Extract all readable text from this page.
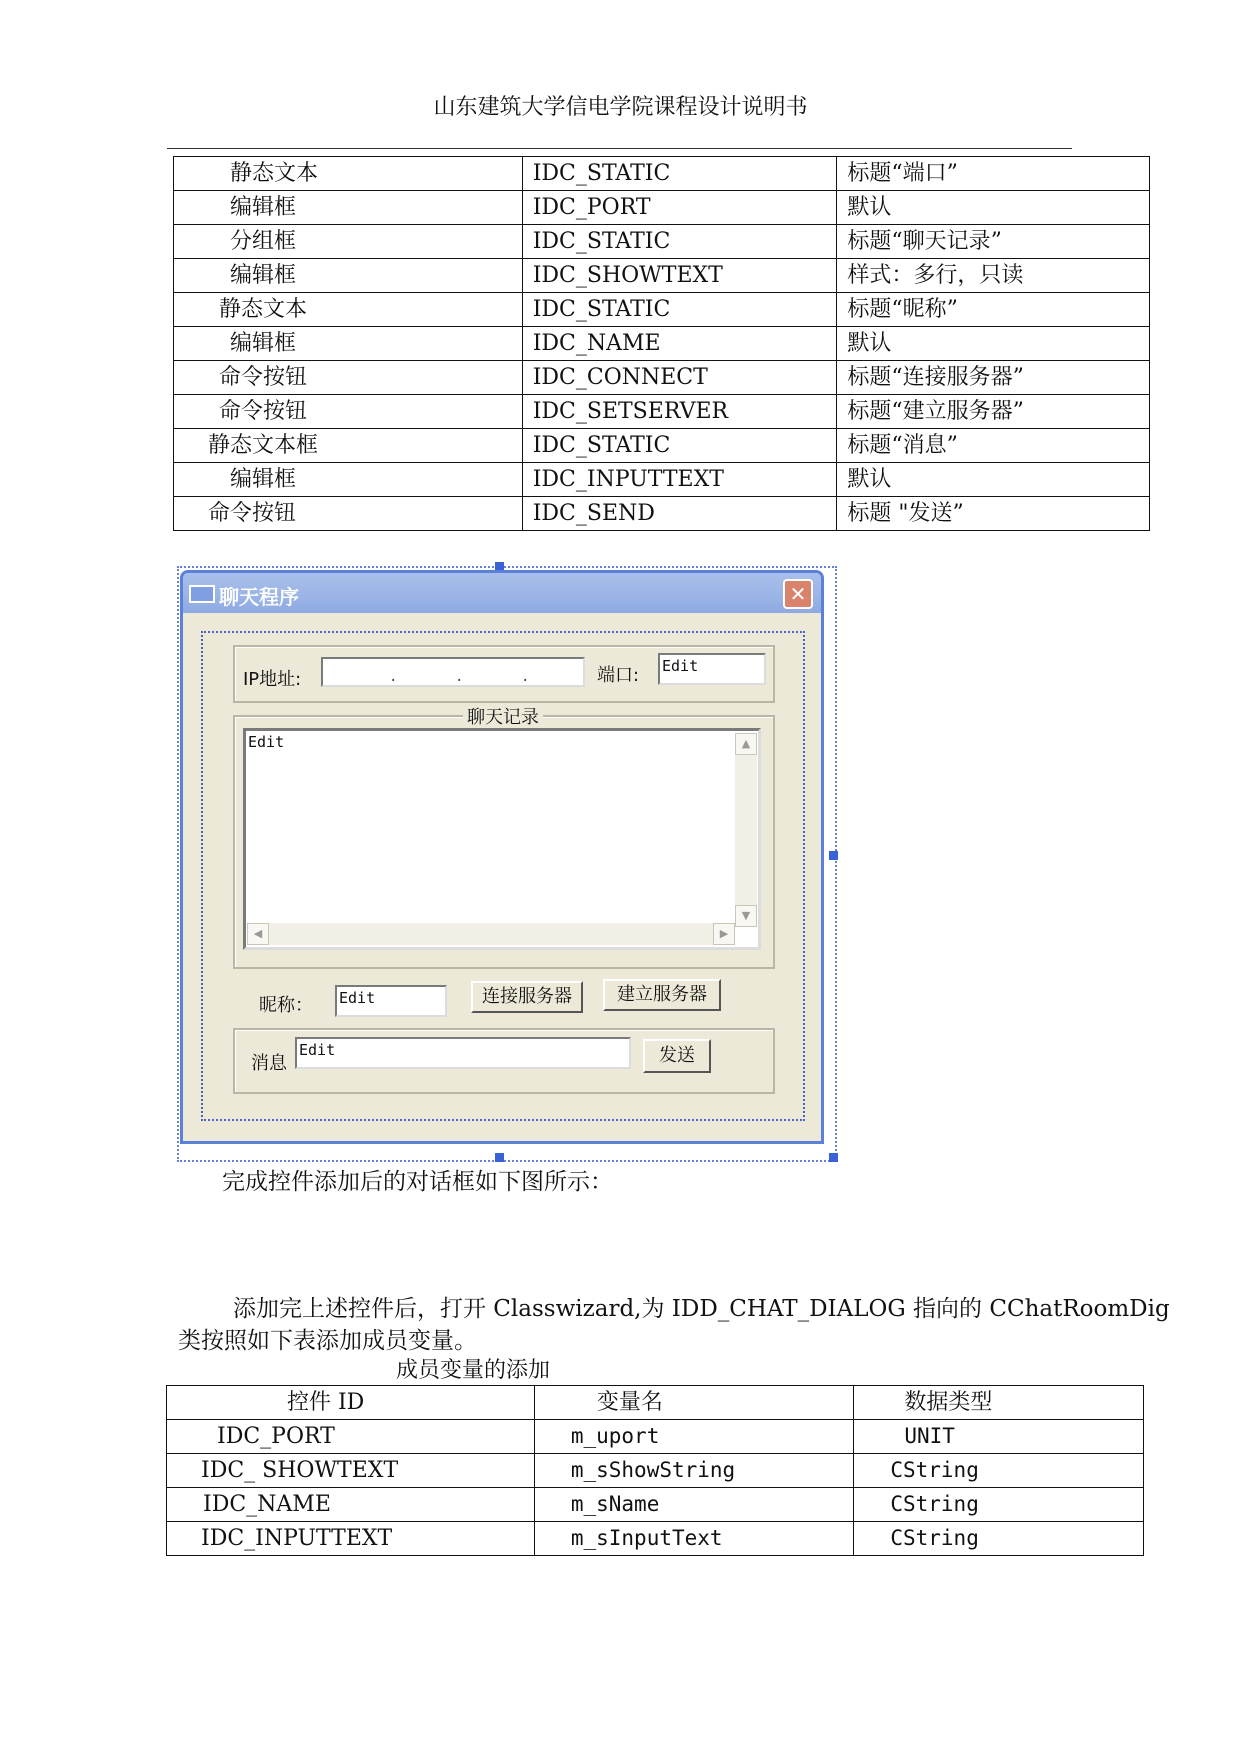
山东建筑大学信电学院课程设计说明书
静态文本	IDC_STATIC	标题“端口”
编辑框	IDC_PORT	默认
分组框	IDC_STATIC	标题“聊天记录”
编辑框	IDC_SHOWTEXT	样式：多行，只读
静态文本	IDC_STATIC	标题“昵称”
编辑框	IDC_NAME	默认
命令按钮	IDC_CONNECT	标题“连接服务器”
命令按钮	IDC_SETSERVER	标题“建立服务器”
静态文本框	IDC_STATIC	标题“消息”
编辑框	IDC_INPUTTEXT	默认
命令按钮	IDC_SEND	标题 "发送”
聊天程序	✕
IP地址:	.	.	.	端口: Edit
聊天记录
Edit	▲
▼
◀	▶
昵称： Edit	连接服务器	建立服务器
消息
Edit	发送
完成控件添加后的对话框如下图所示：
添加完上述控件后，打开 Classwizard,为 IDD_CHAT_DIALOG 指向的 CChatRoomDig
类按照如下表添加成员变量。
成员变量的添加
控件 ID	变量名	数据类型
IDC_PORT	m_uport	UNIT
IDC_ SHOWTEXT	m_sShowString	CString
IDC_NAME	m_sName	CString
IDC_INPUTTEXT	m_sInputText	CString
